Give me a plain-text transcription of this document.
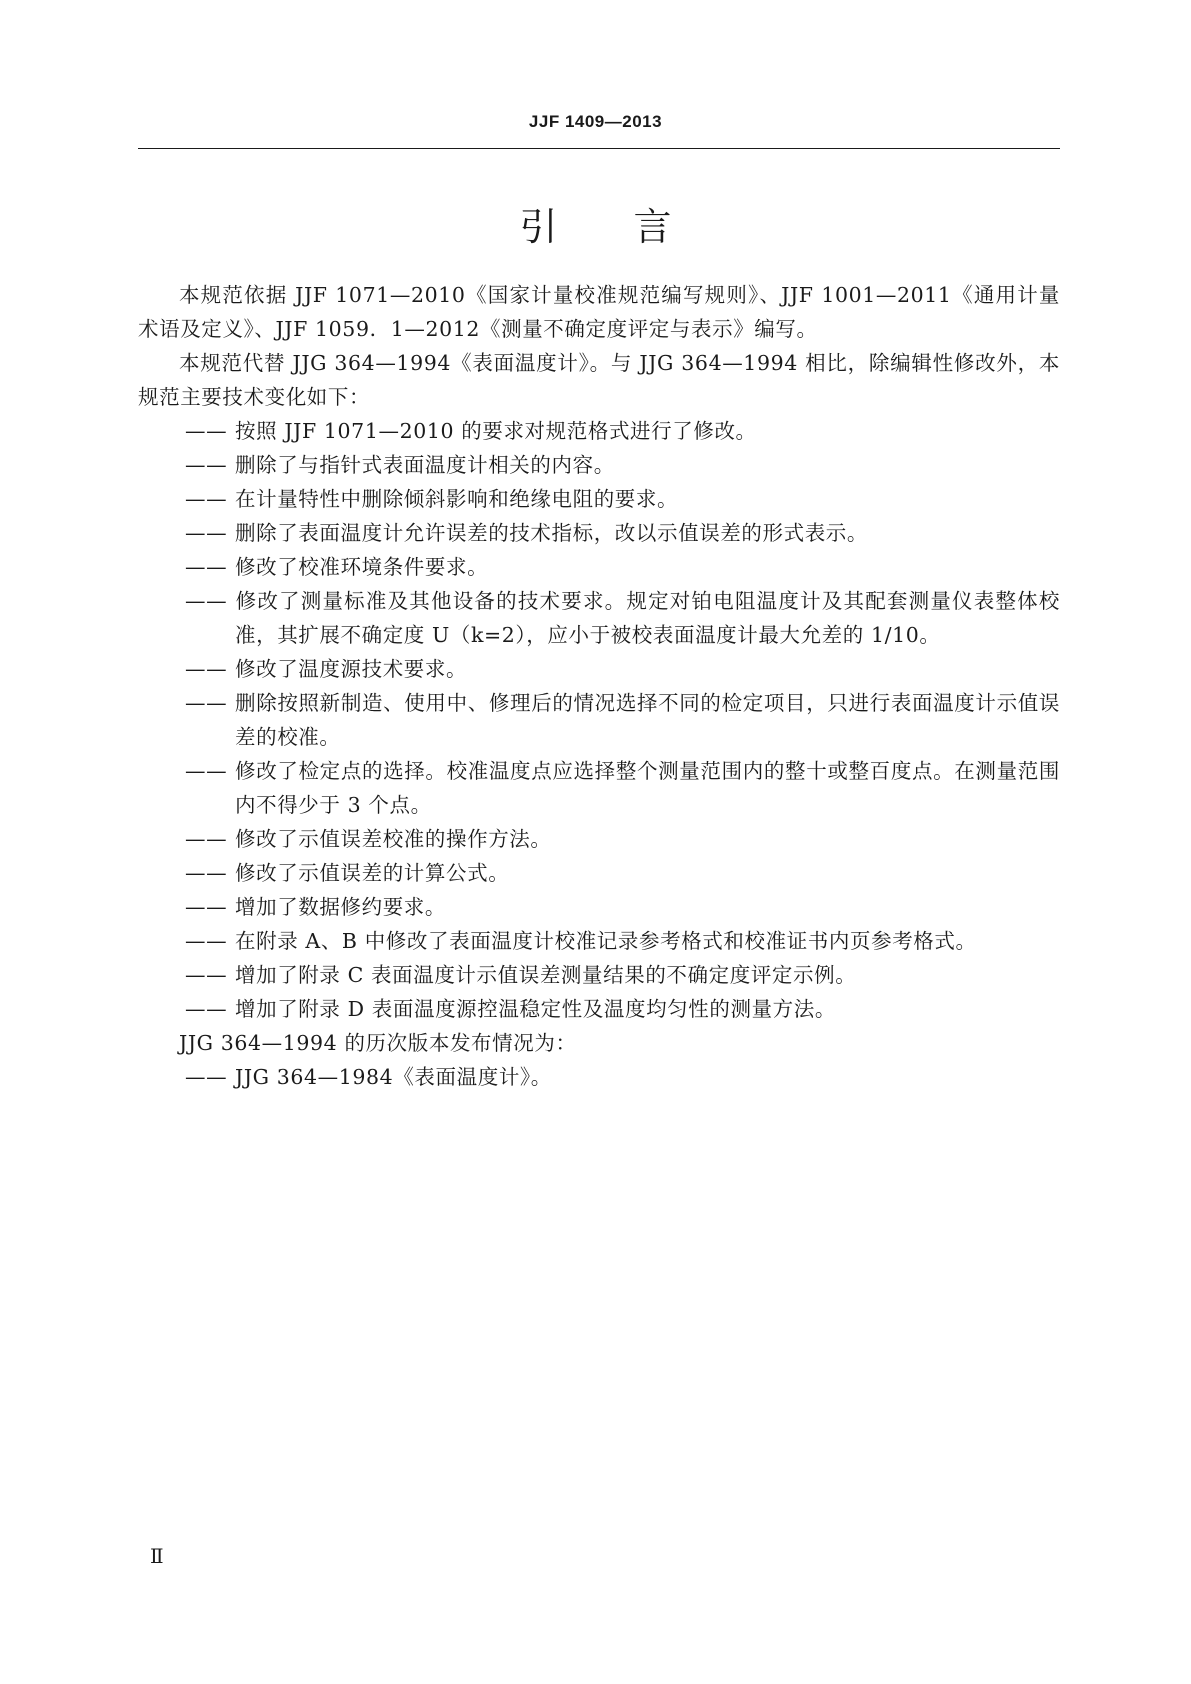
JJF 1409—2013
引言

本规范依据 JJF 1071—2010《国家计量校准规范编写规则》、JJF 1001—2011《通用计量术语及定义》、JJF 1059．1—2012《测量不确定度评定与表示》编写。

本规范代替 JJG 364—1994《表面温度计》。与 JJG 364—1994 相比，除编辑性修改外，本规范主要技术变化如下：

—— 按照 JJF 1071—2010 的要求对规范格式进行了修改。

—— 删除了与指针式表面温度计相关的内容。

—— 在计量特性中删除倾斜影响和绝缘电阻的要求。

—— 删除了表面温度计允许误差的技术指标，改以示值误差的形式表示。

—— 修改了校准环境条件要求。

—— 修改了测量标准及其他设备的技术要求。规定对铂电阻温度计及其配套测量仪表整体校准，其扩展不确定度 U（k=2），应小于被校表面温度计最大允差的 1/10。

—— 修改了温度源技术要求。

—— 删除按照新制造、使用中、修理后的情况选择不同的检定项目，只进行表面温度计示值误差的校准。

—— 修改了检定点的选择。校准温度点应选择整个测量范围内的整十或整百度点。在测量范围内不得少于 3 个点。

—— 修改了示值误差校准的操作方法。

—— 修改了示值误差的计算公式。

—— 增加了数据修约要求。

—— 在附录 A、B 中修改了表面温度计校准记录参考格式和校准证书内页参考格式。

—— 增加了附录 C 表面温度计示值误差测量结果的不确定度评定示例。

—— 增加了附录 D 表面温度源控温稳定性及温度均匀性的测量方法。

JJG 364—1994 的历次版本发布情况为：

—— JJG 364—1984《表面温度计》。

Ⅱ
